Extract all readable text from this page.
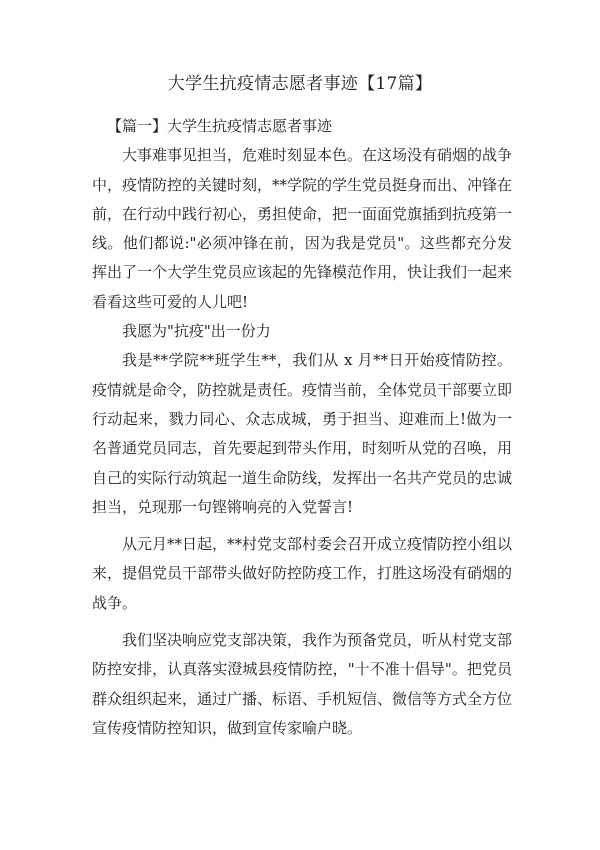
大学生抗疫情志愿者事迹【17篇】

【篇一】大学生抗疫情志愿者事迹

大事难事见担当，危难时刻显本色。在这场没有硝烟的战争中，疫情防控的关键时刻，**学院的学生党员挺身而出、冲锋在前，在行动中践行初心，勇担使命，把一面面党旗插到抗疫第一线。他们都说:"必须冲锋在前，因为我是党员"。这些都充分发挥出了一个大学生党员应该起的先锋模范作用，快让我们一起来看看这些可爱的人儿吧!

我愿为"抗疫"出一份力

我是**学院**班学生**，我们从 x 月**日开始疫情防控。疫情就是命令，防控就是责任。疫情当前，全体党员干部要立即行动起来，戮力同心、众志成城，勇于担当、迎难而上!做为一名普通党员同志，首先要起到带头作用，时刻听从党的召唤，用自己的实际行动筑起一道生命防线，发挥出一名共产党员的忠诚担当，兑现那一句铿锵响亮的入党誓言!

从元月**日起，**村党支部村委会召开成立疫情防控小组以来，提倡党员干部带头做好防控防疫工作，打胜这场没有硝烟的战争。

我们坚决响应党支部决策，我作为预备党员，听从村党支部防控安排，认真落实澄城县疫情防控，"十不准十倡导"。把党员群众组织起来，通过广播、标语、手机短信、微信等方式全方位宣传疫情防控知识，做到宣传家喻户晓。
